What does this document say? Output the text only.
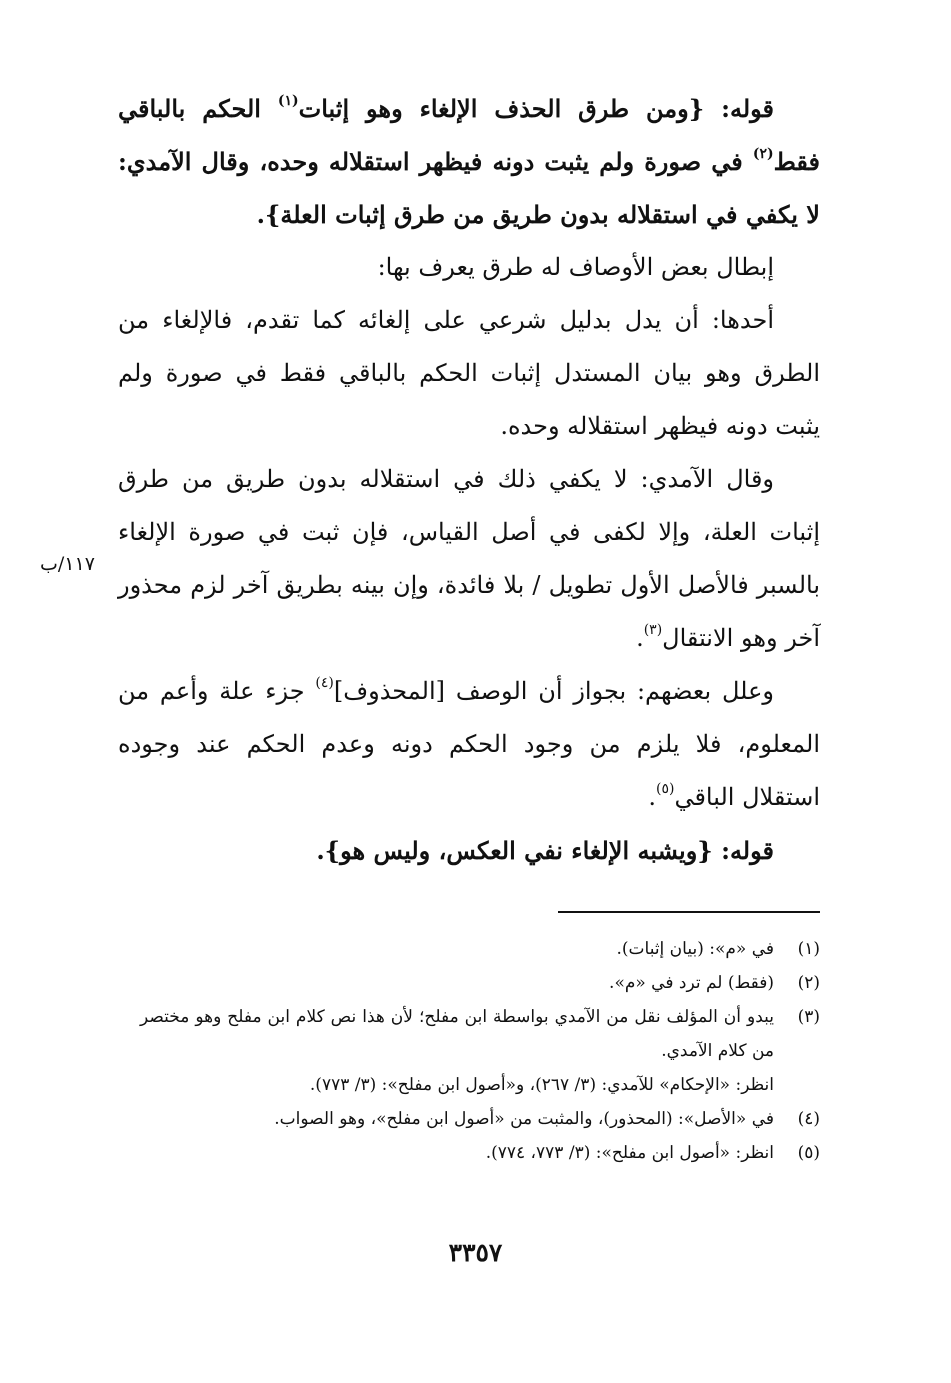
قوله: {ومن طرق الحذف الإلغاء وهو إثبات$^{(١)}$ الحكم بالباقي فقط$^{(٢)}$ في صورة ولم يثبت دونه فيظهر استقلاله وحده، وقال الآمدي: لا يكفي في استقلاله بدون طريق من طرق إثبات العلة}.

إبطال بعض الأوصاف له طرق يعرف بها:

أحدها: أن يدل بدليل شرعي على إلغائه كما تقدم، فالإلغاء من الطرق وهو بيان المستدل إثبات الحكم بالباقي فقط في صورة ولم يثبت دونه فيظهر استقلاله وحده.

وقال الآمدي: لا يكفي ذلك في استقلاله بدون طريق من طرق إثبات العلة، وإلا لكفى في أصل القياس، فإن ثبت في صورة الإلغاء بالسبر فالأصل الأول تطويل / بلا فائدة، وإن بينه بطريق آخر لزم محذور آخر وهو الانتقال$^{(٣)}$.

وعلل بعضهم: بجواز أن الوصف [المحذوف]$^{(٤)}$ جزء علة وأعم من المعلوم، فلا يلزم من وجود الحكم دونه وعدم الحكم عند وجوده استقلال الباقي$^{(٥)}$.

قوله: {ويشبه الإلغاء نفي العكس، وليس هو}.

١١٧/ب
(١)
في «م»: (بيان إثبات).
(٢)
(فقط) لم ترد في «م».
(٣)
يبدو أن المؤلف نقل من الآمدي بواسطة ابن مفلح؛ لأن هذا نص كلام ابن مفلح وهو مختصر من كلام الآمدي.
انظر: «الإحكام» للآمدي: (٣/ ٢٦٧)، و«أصول ابن مفلح»: (٣/ ٧٧٣).
(٤)
في «الأصل»: (المحذور)، والمثبت من «أصول ابن مفلح»، وهو الصواب.
(٥)
انظر: «أصول ابن مفلح»: (٣/ ٧٧٣، ٧٧٤).
٣٣٥٧
